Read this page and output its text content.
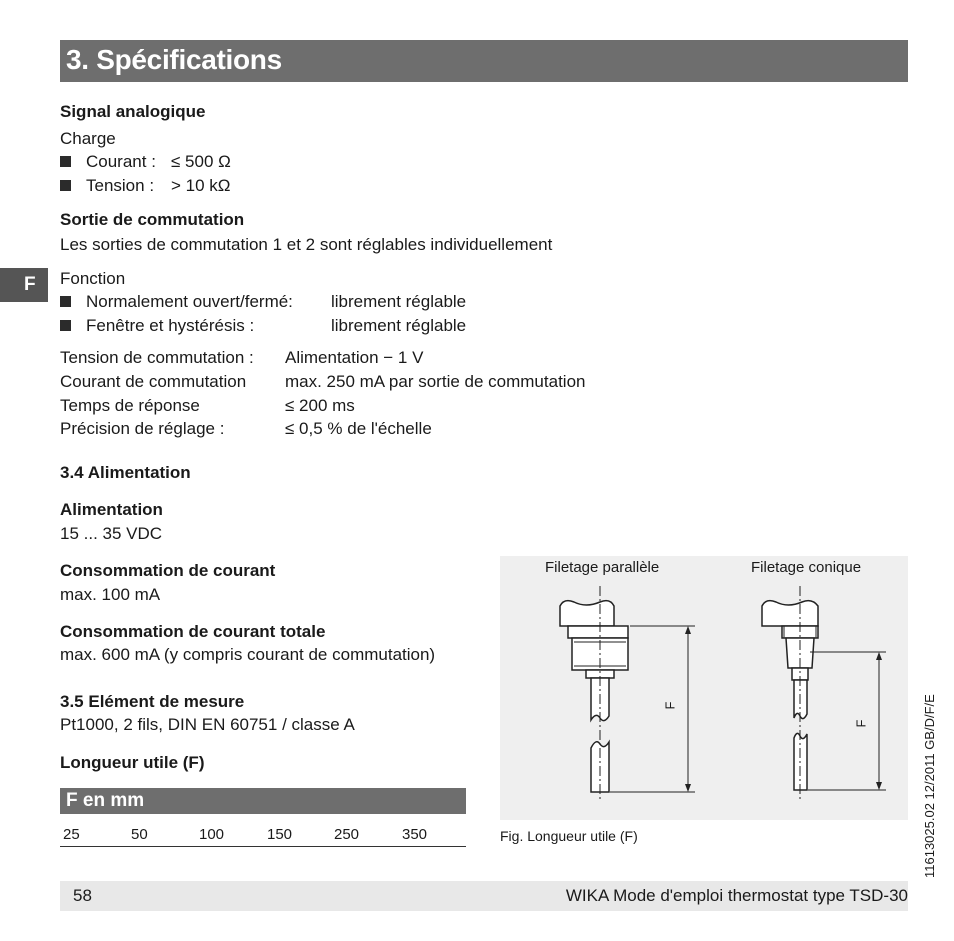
3. Spécifications
F
Signal analogique
Charge
Courant : ≤ 500 Ω
Tension : > 10 kΩ
Sortie de commutation
Les sorties de commutation 1 et 2 sont réglables individuellement
Fonction
Normalement ouvert/fermé: librement réglable
Fenêtre et hystérésis :	librement réglable
Tension de commutation : Alimentation − 1 V
Courant de commutation max. 250 mA par sortie de commutation
Temps de réponse	≤ 200 ms
Précision de réglage :	≤ 0,5 % de l'échelle
3.4 Alimentation
Alimentation
15 ... 35 VDC
Consommation de courant
max. 100 mA
Consommation de courant totale
max. 600 mA (y compris courant de commutation)
3.5 Elément de mesure
Pt1000, 2 fils, DIN EN 60751 / classe A
Longueur utile (F)
F en mm
25	50	100	150	250	350
Filetage parallèle	Filetage conique
F
F
Fig. Longueur utile (F)
58	WIKA Mode d'emploi thermostat type TSD-30
11613025.02 12/2011 GB/D/F/E
